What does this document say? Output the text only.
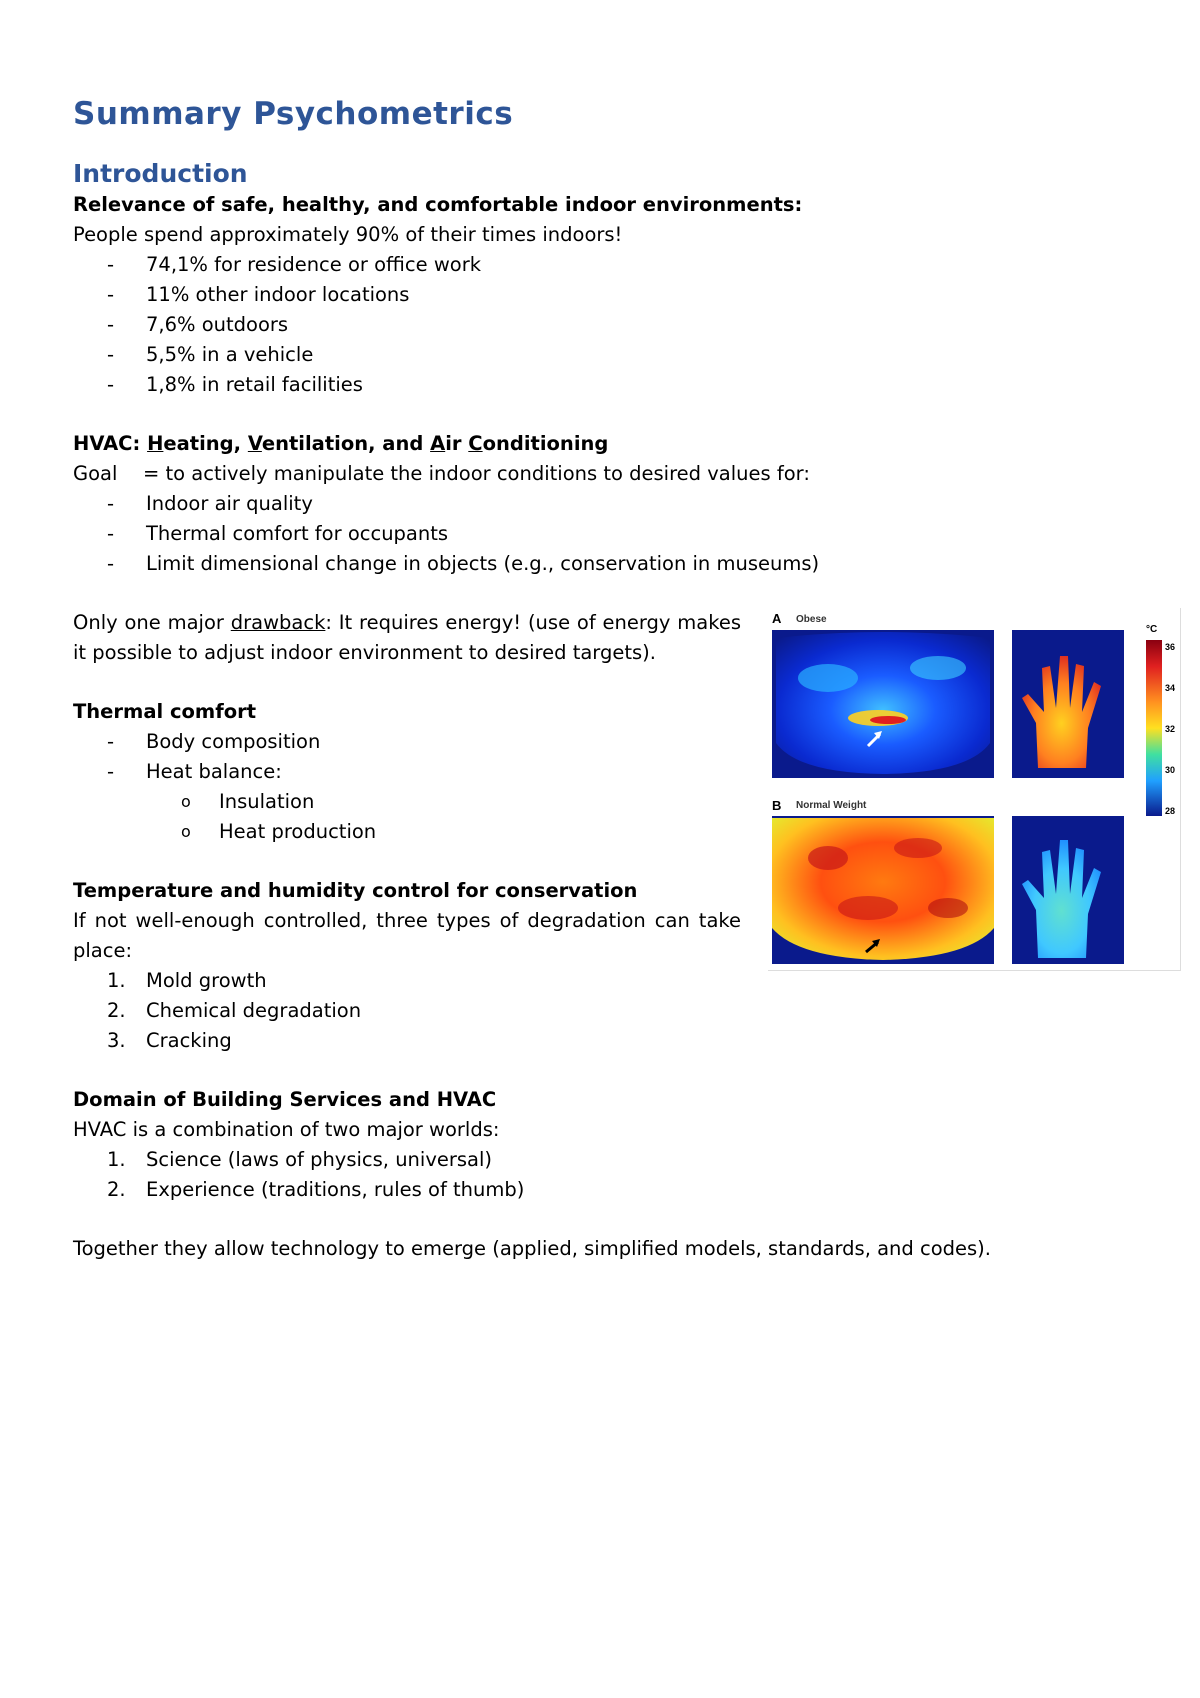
Summary Psychometrics
Introduction

Relevance of safe, healthy, and comfortable indoor environments:

People spend approximately 90% of their times indoors!

- 74,1% for residence or office work
- 11% other indoor locations
- 7,6% outdoors
- 5,5% in a vehicle
- 1,8% in retail facilities

HVAC: Heating, Ventilation, and Air Conditioning

Goal = to actively manipulate the indoor conditions to desired values for:

- Indoor air quality
- Thermal comfort for occupants
- Limit dimensional change in objects (e.g., conservation in museums)

Only one major drawback: It requires energy! (use of energy makes it possible to adjust indoor environment to desired targets).

Thermal comfort

- Body composition
- Heat balance:
o Insulation
o Heat production

Temperature and humidity control for conservation

If not well-enough controlled, three types of degradation can take place:

1. Mold growth
2. Chemical degradation
3. Cracking

Domain of Building Services and HVAC

HVAC is a combination of two major worlds:

1. Science (laws of physics, universal)
2. Experience (traditions, rules of thumb)

Together they allow technology to emerge (applied, simplified models, standards, and codes).

A Obese
B Normal Weight
°C
36
34
32
30
28
